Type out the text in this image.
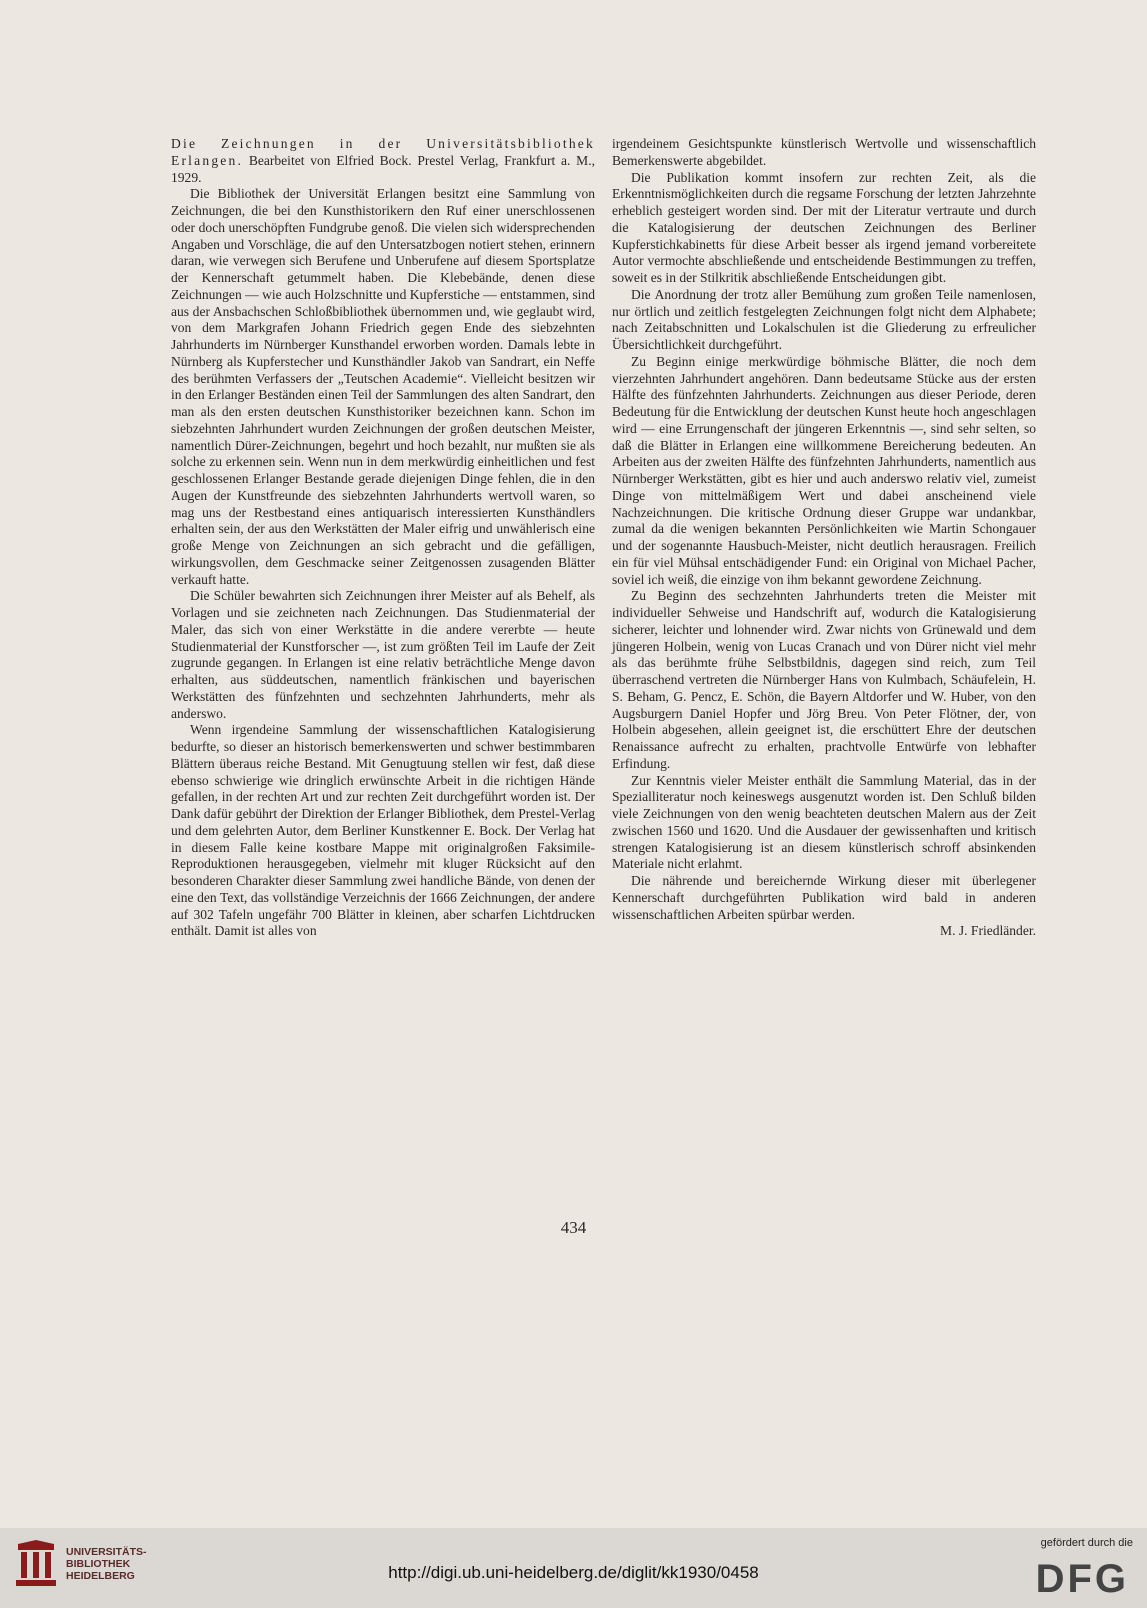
Die Zeichnungen in der Universitätsbibliothek Erlangen. Bearbeitet von Elfried Bock. Prestel Verlag, Frankfurt a. M., 1929.

Die Bibliothek der Universität Erlangen besitzt eine Sammlung von Zeichnungen, die bei den Kunsthistorikern den Ruf einer unerschlossenen oder doch unerschöpften Fundgrube genoß. Die vielen sich widersprechenden Angaben und Vorschläge, die auf den Untersatzbogen notiert stehen, erinnern daran, wie verwegen sich Berufene und Unberufene auf diesem Sportsplatze der Kennerschaft getummelt haben. Die Klebebände, denen diese Zeichnungen — wie auch Holzschnitte und Kupferstiche — entstammen, sind aus der Ansbachschen Schloßbibliothek übernommen und, wie geglaubt wird, von dem Markgrafen Johann Friedrich gegen Ende des siebzehnten Jahrhunderts im Nürnberger Kunsthandel erworben worden. Damals lebte in Nürnberg als Kupferstecher und Kunsthändler Jakob van Sandrart, ein Neffe des berühmten Verfassers der „Teutschen Academie“. Vielleicht besitzen wir in den Erlanger Beständen einen Teil der Sammlungen des alten Sandrart, den man als den ersten deutschen Kunsthistoriker bezeichnen kann. Schon im siebzehnten Jahrhundert wurden Zeichnungen der großen deutschen Meister, namentlich Dürer-Zeichnungen, begehrt und hoch bezahlt, nur mußten sie als solche zu erkennen sein. Wenn nun in dem merkwürdig einheitlichen und fest geschlossenen Erlanger Bestande gerade diejenigen Dinge fehlen, die in den Augen der Kunstfreunde des siebzehnten Jahrhunderts wertvoll waren, so mag uns der Restbestand eines antiquarisch interessierten Kunsthändlers erhalten sein, der aus den Werkstätten der Maler eifrig und unwählerisch eine große Menge von Zeichnungen an sich gebracht und die gefälligen, wirkungsvollen, dem Geschmacke seiner Zeitgenossen zusagenden Blätter verkauft hatte.

Die Schüler bewahrten sich Zeichnungen ihrer Meister auf als Behelf, als Vorlagen und sie zeichneten nach Zeichnungen. Das Studienmaterial der Maler, das sich von einer Werkstätte in die andere vererbte — heute Studienmaterial der Kunstforscher —, ist zum größten Teil im Laufe der Zeit zugrunde gegangen. In Erlangen ist eine relativ beträchtliche Menge davon erhalten, aus süddeutschen, namentlich fränkischen und bayerischen Werkstätten des fünfzehnten und sechzehnten Jahrhunderts, mehr als anderswo.

Wenn irgendeine Sammlung der wissenschaftlichen Katalogisierung bedurfte, so dieser an historisch bemerkenswerten und schwer bestimmbaren Blättern überaus reiche Bestand. Mit Genugtuung stellen wir fest, daß diese ebenso schwierige wie dringlich erwünschte Arbeit in die richtigen Hände gefallen, in der rechten Art und zur rechten Zeit durchgeführt worden ist. Der Dank dafür gebührt der Direktion der Erlanger Bibliothek, dem Prestel-Verlag und dem gelehrten Autor, dem Berliner Kunstkenner E. Bock. Der Verlag hat in diesem Falle keine kostbare Mappe mit originalgroßen Faksimile-Reproduktionen herausgegeben, vielmehr mit kluger Rücksicht auf den besonderen Charakter dieser Sammlung zwei handliche Bände, von denen der eine den Text, das vollständige Verzeichnis der 1666 Zeichnungen, der andere auf 302 Tafeln ungefähr 700 Blätter in kleinen, aber scharfen Lichtdrucken enthält. Damit ist alles von

irgendeinem Gesichtspunkte künstlerisch Wertvolle und wissenschaftlich Bemerkenswerte abgebildet.

Die Publikation kommt insofern zur rechten Zeit, als die Erkenntnismöglichkeiten durch die regsame Forschung der letzten Jahrzehnte erheblich gesteigert worden sind. Der mit der Literatur vertraute und durch die Katalogisierung der deutschen Zeichnungen des Berliner Kupferstichkabinetts für diese Arbeit besser als irgend jemand vorbereitete Autor vermochte abschließende und entscheidende Bestimmungen zu treffen, soweit es in der Stilkritik abschließende Entscheidungen gibt.

Die Anordnung der trotz aller Bemühung zum großen Teile namenlosen, nur örtlich und zeitlich festgelegten Zeichnungen folgt nicht dem Alphabete; nach Zeitabschnitten und Lokalschulen ist die Gliederung zu erfreulicher Übersichtlichkeit durchgeführt.

Zu Beginn einige merkwürdige böhmische Blätter, die noch dem vierzehnten Jahrhundert angehören. Dann bedeutsame Stücke aus der ersten Hälfte des fünfzehnten Jahrhunderts. Zeichnungen aus dieser Periode, deren Bedeutung für die Entwicklung der deutschen Kunst heute hoch angeschlagen wird — eine Errungenschaft der jüngeren Erkenntnis —, sind sehr selten, so daß die Blätter in Erlangen eine willkommene Bereicherung bedeuten. An Arbeiten aus der zweiten Hälfte des fünfzehnten Jahrhunderts, namentlich aus Nürnberger Werkstätten, gibt es hier und auch anderswo relativ viel, zumeist Dinge von mittelmäßigem Wert und dabei anscheinend viele Nachzeichnungen. Die kritische Ordnung dieser Gruppe war undankbar, zumal da die wenigen bekannten Persönlichkeiten wie Martin Schongauer und der sogenannte Hausbuch-Meister, nicht deutlich herausragen. Freilich ein für viel Mühsal entschädigender Fund: ein Original von Michael Pacher, soviel ich weiß, die einzige von ihm bekannt gewordene Zeichnung.

Zu Beginn des sechzehnten Jahrhunderts treten die Meister mit individueller Sehweise und Handschrift auf, wodurch die Katalogisierung sicherer, leichter und lohnender wird. Zwar nichts von Grünewald und dem jüngeren Holbein, wenig von Lucas Cranach und von Dürer nicht viel mehr als das berühmte frühe Selbstbildnis, dagegen sind reich, zum Teil überraschend vertreten die Nürnberger Hans von Kulmbach, Schäufelein, H. S. Beham, G. Pencz, E. Schön, die Bayern Altdorfer und W. Huber, von den Augsburgern Daniel Hopfer und Jörg Breu. Von Peter Flötner, der, von Holbein abgesehen, allein geeignet ist, die erschüttert Ehre der deutschen Renaissance aufrecht zu erhalten, prachtvolle Entwürfe von lebhafter Erfindung.

Zur Kenntnis vieler Meister enthält die Sammlung Material, das in der Spezialliteratur noch keineswegs ausgenutzt worden ist. Den Schluß bilden viele Zeichnungen von den wenig beachteten deutschen Malern aus der Zeit zwischen 1560 und 1620. Und die Ausdauer der gewissenhaften und kritisch strengen Katalogisierung ist an diesem künstlerisch schroff absinkenden Materiale nicht erlahmt.

Die nährende und bereichernde Wirkung dieser mit überlegener Kennerschaft durchgeführten Publikation wird bald in anderen wissenschaftlichen Arbeiten spürbar werden.

M. J. Friedländer.

434
UNIVERSITÄTS-
BIBLIOTHEK
HEIDELBERG	http://digi.ub.uni-heidelberg.de/diglit/kk1930/0458
gefördert durch die
DFG
